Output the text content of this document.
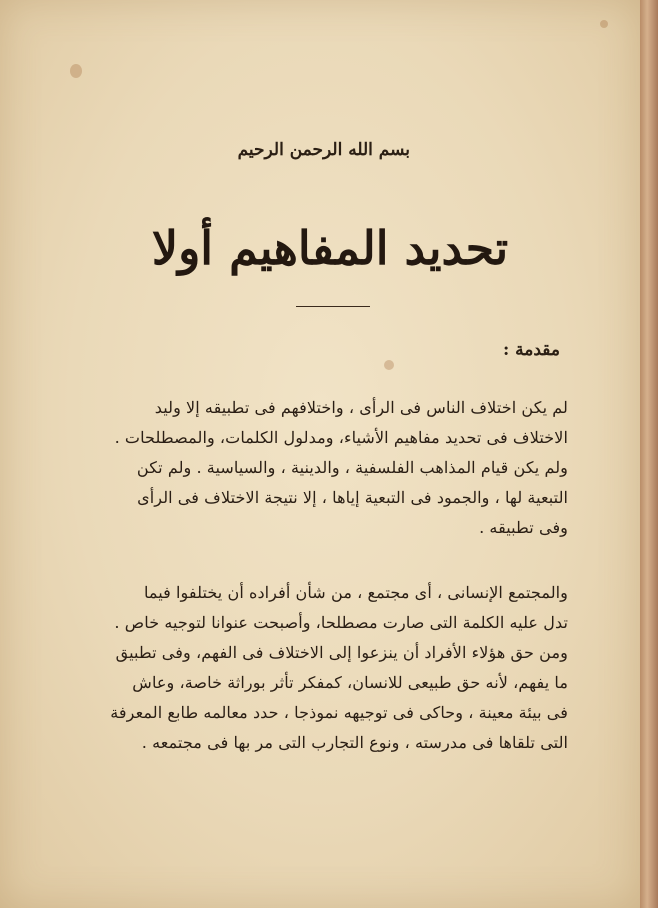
بسم الله الرحمن الرحيم
تحديد المفاهيم أولا
مقدمة :
لم يكن اختلاف الناس فى الرأى ، واختلافهم فى تطبيقه إلا وليد
الاختلاف فى تحديد مفاهيم الأشياء، ومدلول الكلمات، والمصطلحات .
ولم يكن قيام المذاهب الفلسفية ، والدينية ، والسياسية . ولم تكن
التبعية لها ، والجمود فى التبعية إياها ، إلا نتيجة الاختلاف فى الرأى
وفى تطبيقه .
والمجتمع الإنسانى ، أى مجتمع ، من شأن أفراده أن يختلفوا فيما
تدل عليه الكلمة التى صارت مصطلحا، وأصبحت عنوانا لتوجيه خاص .
ومن حق هؤلاء الأفراد أن ينزعوا إلى الاختلاف فى الفهم، وفى تطبيق
ما يفهم، لأنه حق طبيعى للانسان، كمفكر تأثر بوراثة خاصة، وعاش
فى بيئة معينة ، وحاكى فى توجيهه نموذجا ، حدد معالمه طابع المعرفة
التى تلقاها فى مدرسته ، ونوع التجارب التى مر بها فى مجتمعه .
